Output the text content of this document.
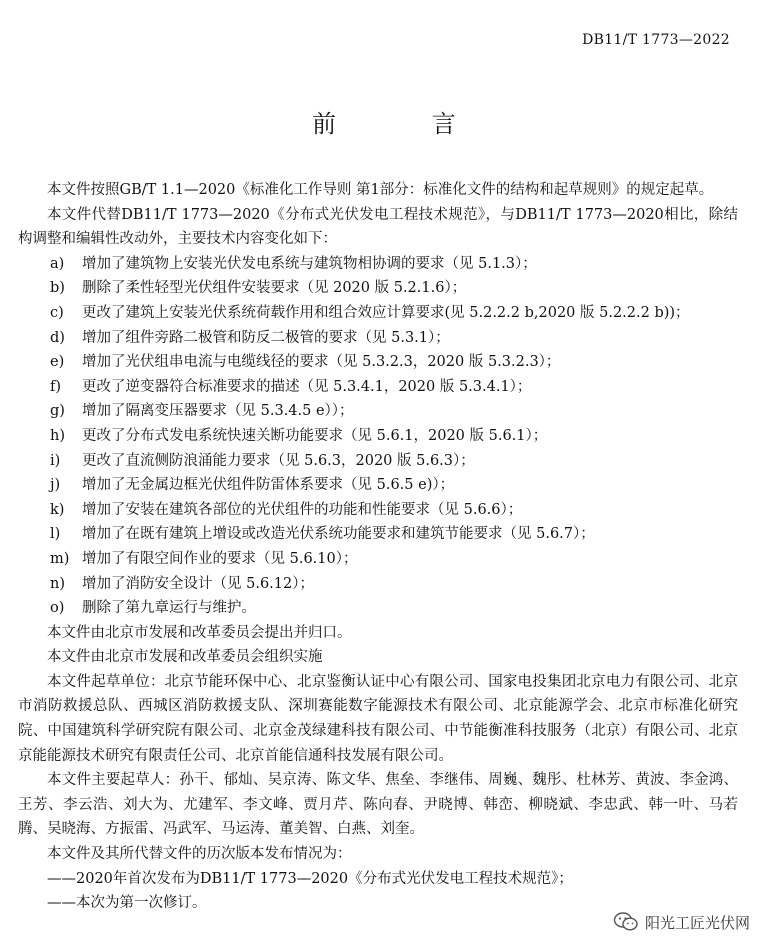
DB11/T 1773—2022
前 言

本文件按照GB/T 1.1—2020《标准化工作导则 第1部分：标准化文件的结构和起草规则》的规定起草。

本文件代替DB11/T 1773—2020《分布式光伏发电工程技术规范》，与DB11/T 1773—2020相比，除结构调整和编辑性改动外，主要技术内容变化如下：

a) 增加了建筑物上安装光伏发电系统与建筑物相协调的要求（见 5.1.3）；

b) 删除了柔性轻型光伏组件安装要求（见 2020 版 5.2.1.6）；

c) 更改了建筑上安装光伏系统荷载作用和组合效应计算要求(见 5.2.2.2 b,2020 版 5.2.2.2 b))；

d) 增加了组件旁路二极管和防反二极管的要求（见 5.3.1）；

e) 增加了光伏组串电流与电缆线径的要求（见 5.3.2.3，2020 版 5.3.2.3）；

f) 更改了逆变器符合标准要求的描述（见 5.3.4.1，2020 版 5.3.4.1）；

g) 增加了隔离变压器要求（见 5.3.4.5 e））；

h) 更改了分布式发电系统快速关断功能要求（见 5.6.1，2020 版 5.6.1）；

i) 更改了直流侧防浪涌能力要求（见 5.6.3，2020 版 5.6.3）；

j) 增加了无金属边框光伏组件防雷体系要求（见 5.6.5 e)）；

k) 增加了安装在建筑各部位的光伏组件的功能和性能要求（见 5.6.6）；

l) 增加了在既有建筑上增设或改造光伏系统功能要求和建筑节能要求（见 5.6.7）；

m) 增加了有限空间作业的要求（见 5.6.10）；

n) 增加了消防安全设计（见 5.6.12）；

o) 删除了第九章运行与维护。

本文件由北京市发展和改革委员会提出并归口。

本文件由北京市发展和改革委员会组织实施

本文件起草单位：北京节能环保中心、北京鉴衡认证中心有限公司、国家电投集团北京电力有限公司、北京市消防救援总队、西城区消防救援支队、深圳赛能数字能源技术有限公司、北京能源学会、北京市标准化研究院、中国建筑科学研究院有限公司、北京金茂绿建科技有限公司、中节能衡准科技服务（北京）有限公司、北京京能能源技术研究有限责任公司、北京首能信通科技发展有限公司。

本文件主要起草人：孙干、郁灿、吴京涛、陈文华、焦垒、李继伟、周巍、魏彤、杜林芳、黄波、李金鸿、王芳、李云浩、刘大为、尤建军、李文峰、贾月芹、陈向春、尹晓博、韩峦、柳晓斌、李忠武、韩一叶、马若腾、吴晓海、方振雷、冯武军、马运涛、董美智、白燕、刘奎。

本文件及其所代替文件的历次版本发布情况为：

——2020年首次发布为DB11/T 1773—2020《分布式光伏发电工程技术规范》；

——本次为第一次修订。

阳光工匠光伏网
